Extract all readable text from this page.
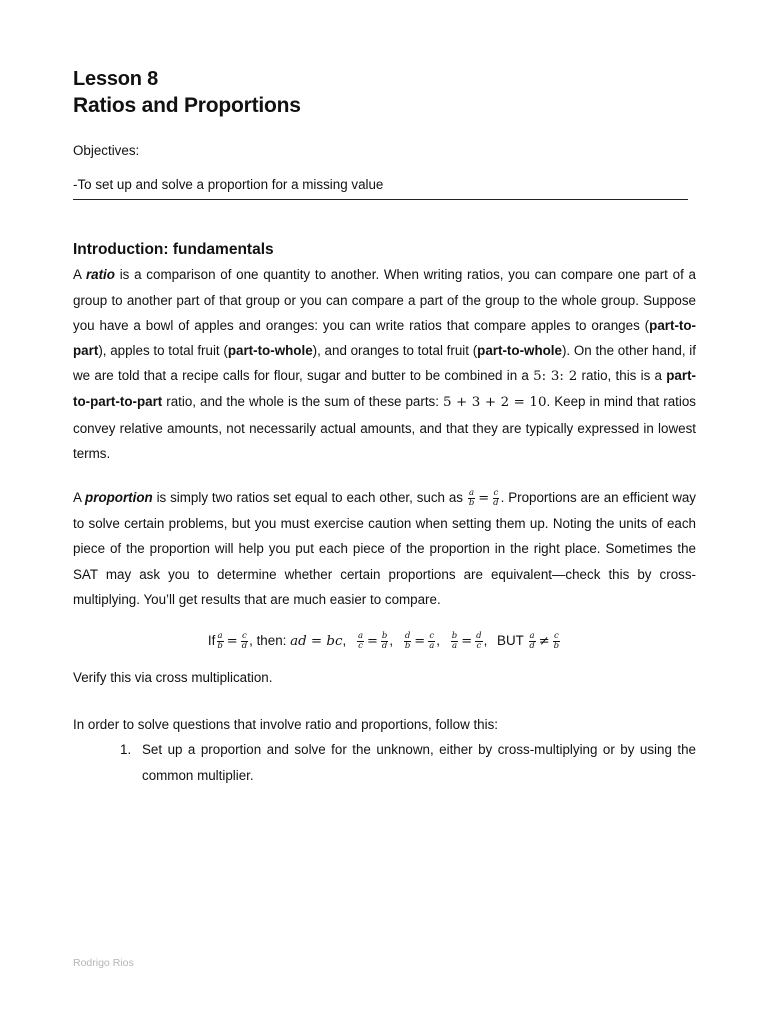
Lesson 8
Ratios and Proportions

Objectives:

-To set up and solve a proportion for a missing value

Introduction: fundamentals

A ratio is a comparison of one quantity to another. When writing ratios, you can compare one part of a group to another part of that group or you can compare a part of the group to the whole group. Suppose you have a bowl of apples and oranges: you can write ratios that compare apples to oranges (part-to-part), apples to total fruit (part-to-whole), and oranges to total fruit (part-to-whole). On the other hand, if we are told that a recipe calls for flour, sugar and butter to be combined in a 5: 3: 2 ratio, this is a part-to-part-to-part ratio, and the whole is the sum of these parts: 5 + 3 + 2 = 10. Keep in mind that ratios convey relative amounts, not necessarily actual amounts, and that they are typically expressed in lowest terms.

A proportion is simply two ratios set equal to each other, such as $\frac{a}{b} = \frac{c}{d}$ . Proportions are an efficient way to solve certain problems, but you must exercise caution when setting them up. Noting the units of each piece of the proportion will help you put each piece of the proportion in the right place. Sometimes the SAT may ask you to determine whether certain proportions are equivalent—check this by cross-multiplying. You’ll get results that are much easier to compare.

If $\frac{a}{b} = \frac{c}{d}$ , then: ad = bc, $\frac{a}{c} = \frac{b}{d}$ , $\frac{d}{b} = \frac{c}{a}$ , $\frac{b}{a} = \frac{d}{c}$ , BUT $\frac{a}{d} \ne \frac{c}{b}$

Verify this via cross multiplication.

In order to solve questions that involve ratio and proportions, follow this:

1. Set up a proportion and solve for the unknown, either by cross-multiplying or by using the common multiplier.
Rodrigo Rios
